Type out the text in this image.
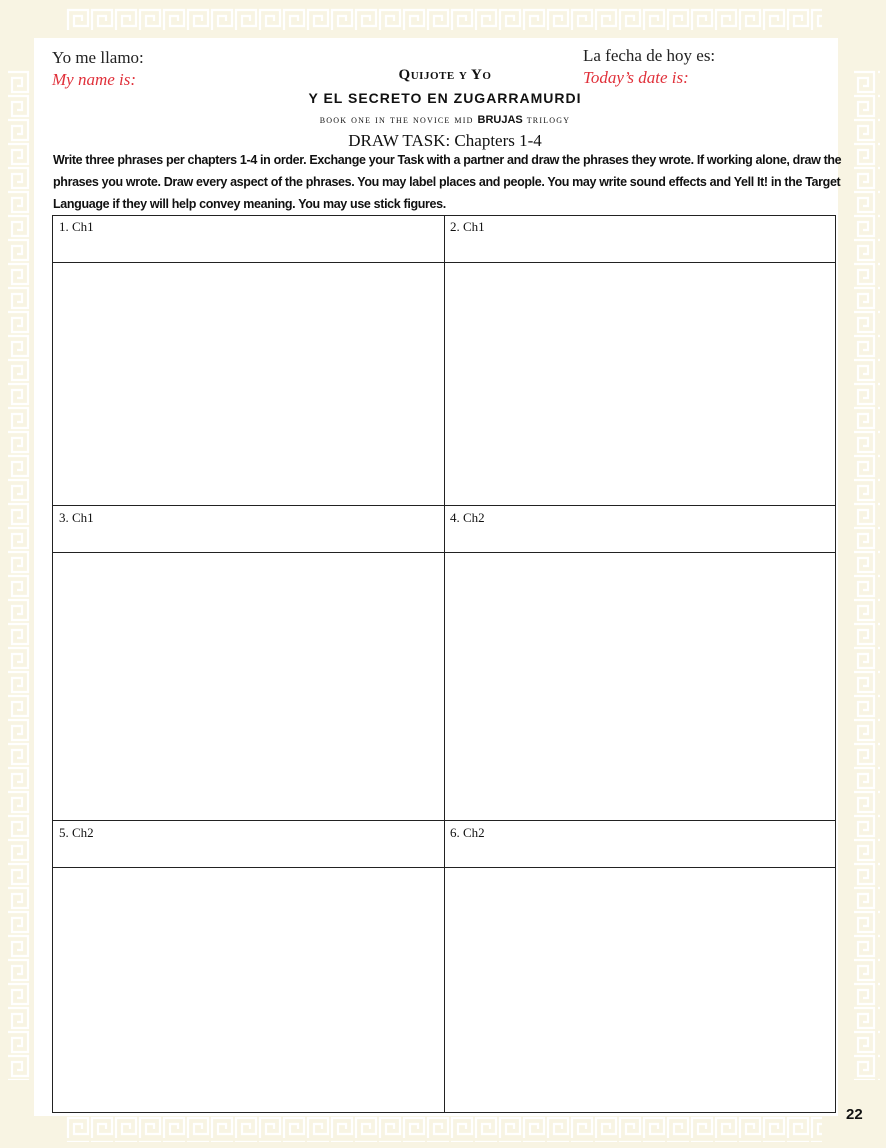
Yo me llamo:
My name is:
La fecha de hoy es:
Today’s date is:
Quijote y Yo
Y EL SECRETO EN ZUGARRAMURDI
book one in the novice mid BRUJAS trilogy
DRAW TASK: Chapters 1-4
Write three phrases per chapters 1-4 in order. Exchange your Task with a partner and draw the phrases they wrote. If working alone, draw the phrases you wrote. Draw every aspect of the phrases. You may label places and people. You may write sound effects and Yell It! in the Target Language if they will help convey meaning. You may use stick figures.
1. Ch1	2. Ch1
3. Ch1	4. Ch2
5. Ch2	6. Ch2
22
